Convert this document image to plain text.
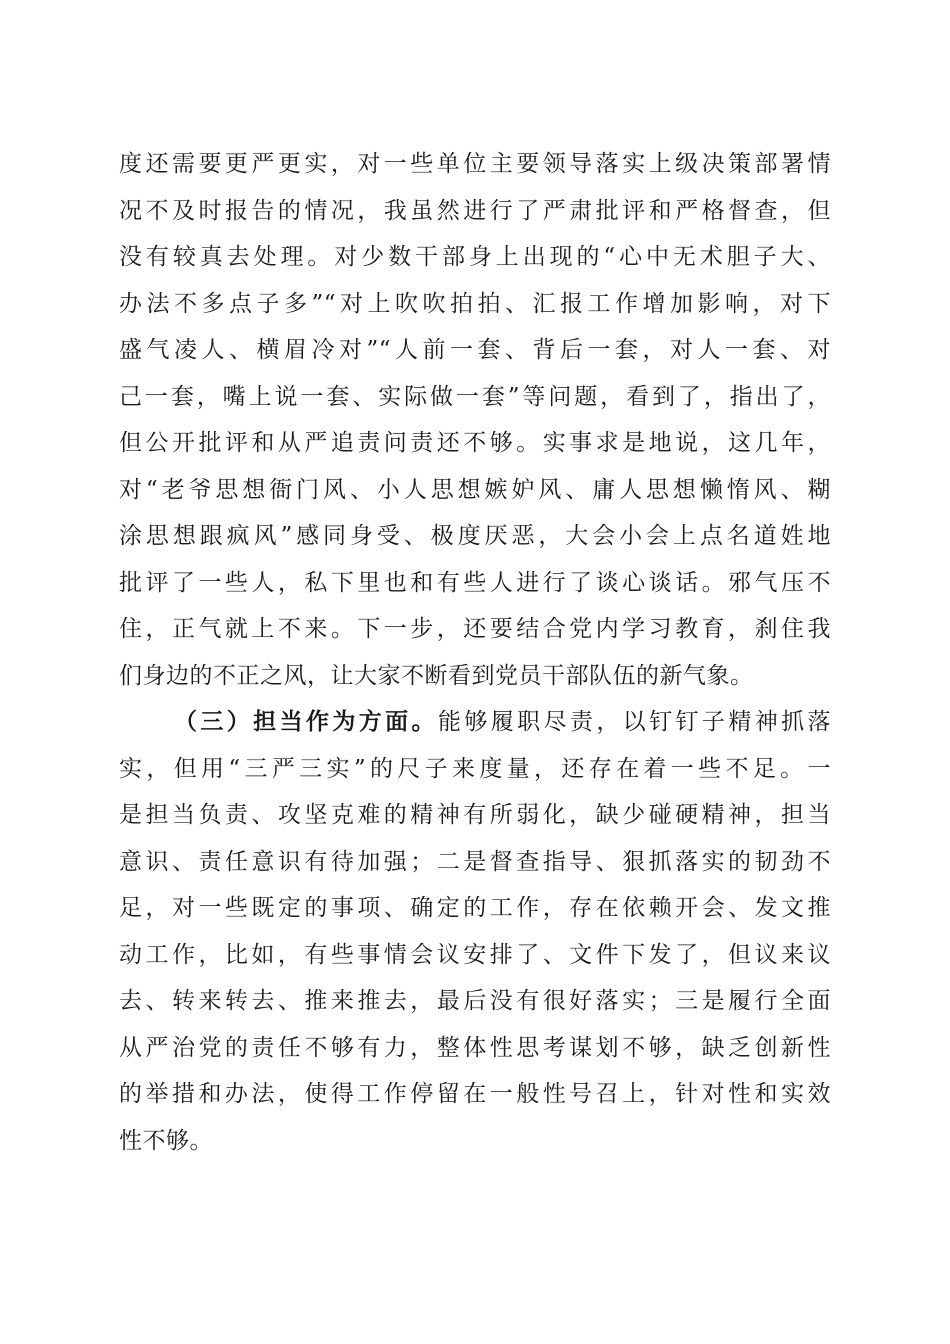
度还需要更严更实，对一些单位主要领导落实上级决策部署情
况不及时报告的情况，我虽然进行了严肃批评和严格督查，但
没有较真去处理。对少数干部身上出现的“心中无术胆子大、
办法不多点子多”“对上吹吹拍拍、汇报工作增加影响，对下
盛气凌人、横眉冷对”“人前一套、背后一套，对人一套、对
己一套，嘴上说一套、实际做一套”等问题，看到了，指出了，
但公开批评和从严追责问责还不够。实事求是地说，这几年，
对“老爷思想衙门风、小人思想嫉妒风、庸人思想懒惰风、糊
涂思想跟疯风”感同身受、极度厌恶，大会小会上点名道姓地
批评了一些人，私下里也和有些人进行了谈心谈话。邪气压不
住，正气就上不来。下一步，还要结合党内学习教育，刹住我
们身边的不正之风，让大家不断看到党员干部队伍的新气象。
（三）担当作为方面。能够履职尽责，以钉钉子精神抓落
实，但用“三严三实”的尺子来度量，还存在着一些不足。一
是担当负责、攻坚克难的精神有所弱化，缺少碰硬精神，担当
意识、责任意识有待加强；二是督查指导、狠抓落实的韧劲不
足，对一些既定的事项、确定的工作，存在依赖开会、发文推
动工作，比如，有些事情会议安排了、文件下发了，但议来议
去、转来转去、推来推去，最后没有很好落实；三是履行全面
从严治党的责任不够有力，整体性思考谋划不够，缺乏创新性
的举措和办法，使得工作停留在一般性号召上，针对性和实效
性不够。
